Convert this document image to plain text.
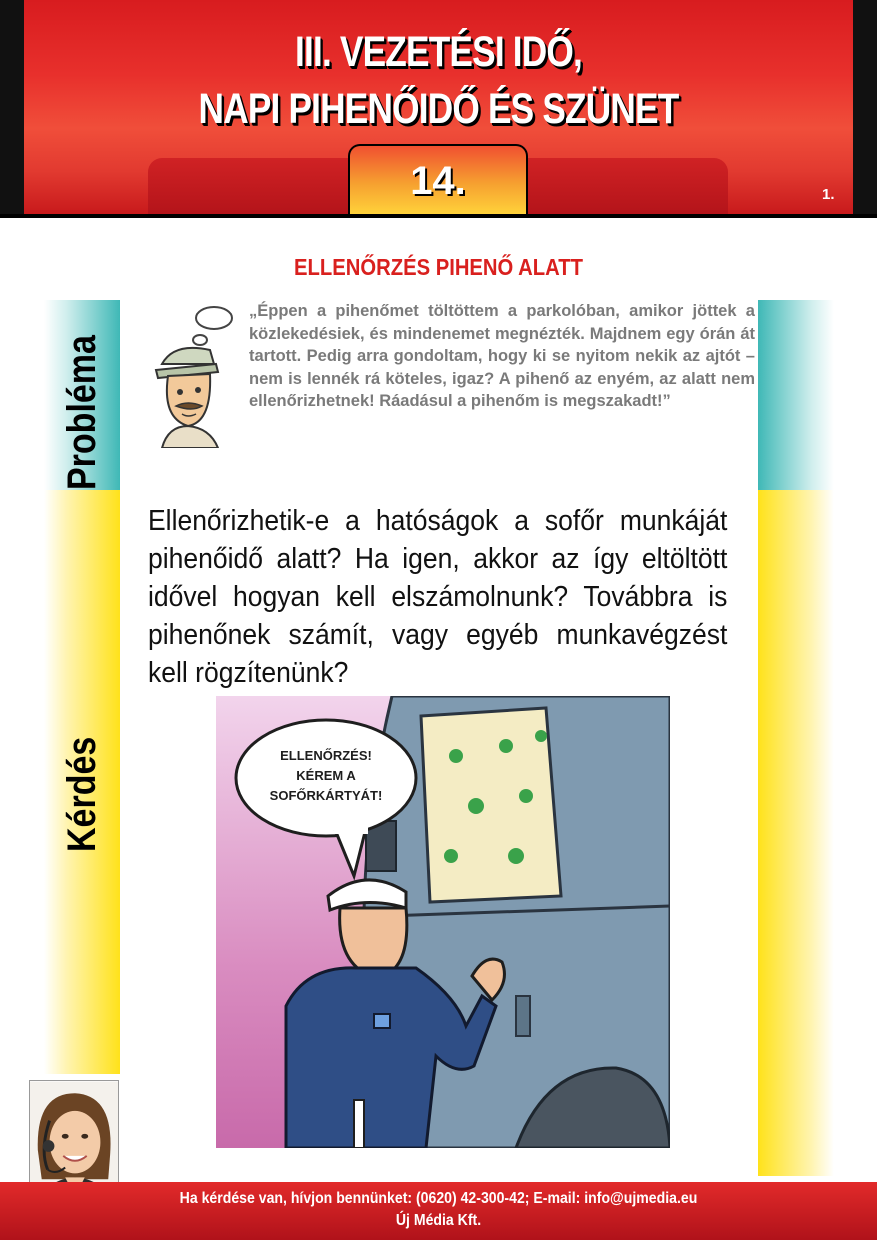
III. VEZETÉSI IDŐ,
NAPI PIHENŐIDŐ ÉS SZÜNET
14.	1.
ELLENŐRZÉS PIHENŐ ALATT
Probléma
Kérdés
„Éppen a pihenőmet töltöttem a parkolóban, amikor jöttek a közlekedésiek, és mindenemet megnézték. Majdnem egy órán át tartott. Pedig arra gondoltam, hogy ki se nyitom nekik az ajtót – nem is lennék rá köteles, igaz? A pihenő az enyém, az alatt nem ellenőrizhetnek! Ráadásul a pihenőm is megszakadt!”
Ellenőrizhetik-e a hatóságok a sofőr munkáját pihenőidő alatt? Ha igen, akkor az így eltöltött idővel hogyan kell elszámolnunk? Továbbra is pihenőnek számít, vagy egyéb munkavégzést kell rögzítenünk?
ELLENŐRZÉS!
KÉREM A
SOFŐRKÁRTYÁT!
Ha kérdése van, hívjon bennünket: (0620) 42-300-42; E-mail: info@ujmedia.eu
Új Média Kft.
